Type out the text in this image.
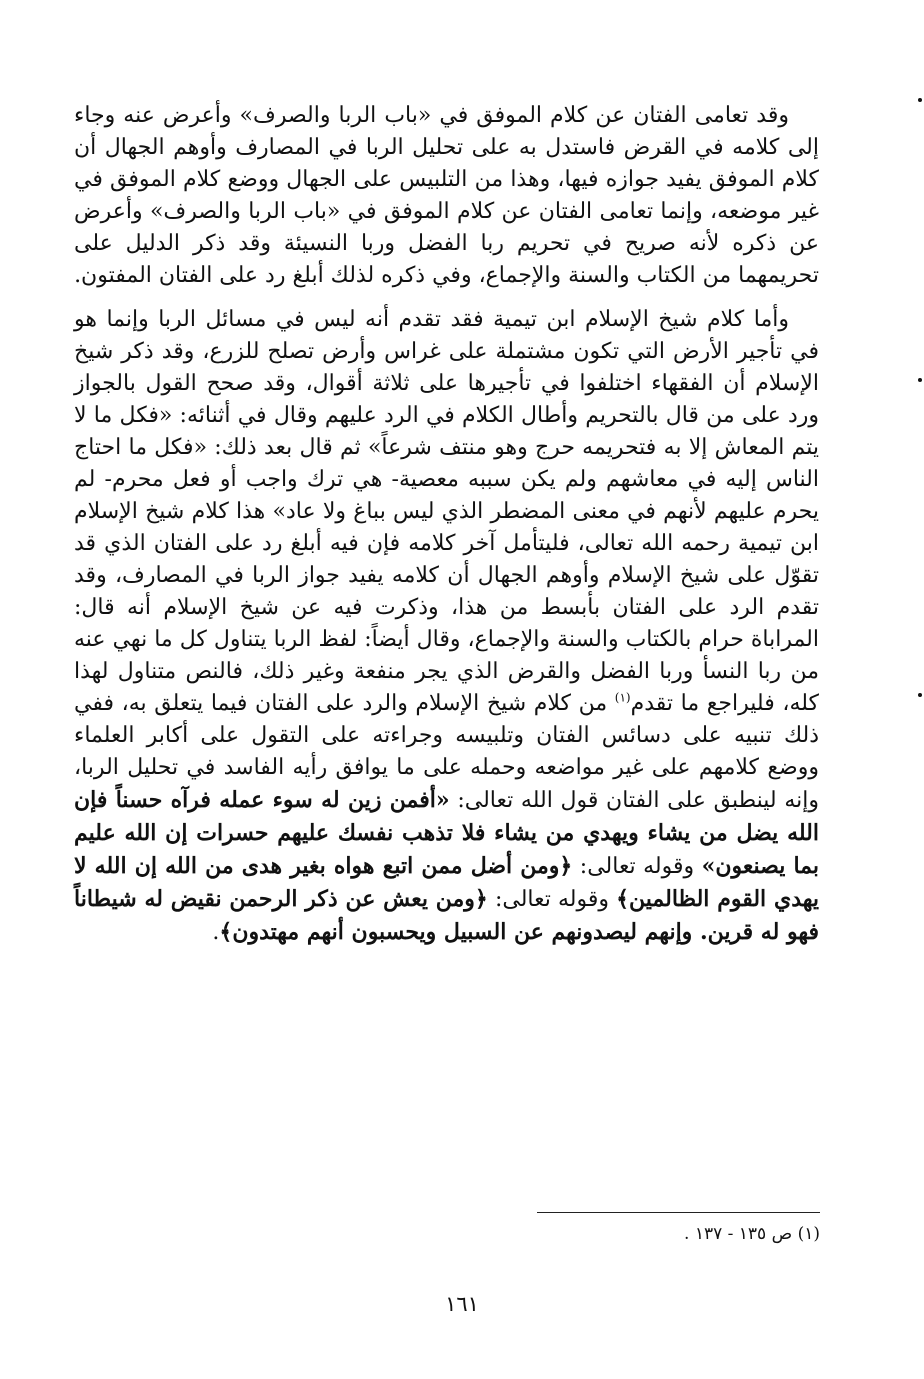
وقد تعامى الفتان عن كلام الموفق في «باب الربا والصرف» وأعرض عنه وجاء إلى كلامه في القرض فاستدل به على تحليل الربا في المصارف وأوهم الجهال أن كلام الموفق يفيد جوازه فيها، وهذا من التلبيس على الجهال ووضع كلام الموفق في غير موضعه، وإنما تعامى الفتان عن كلام الموفق في «باب الربا والصرف» وأعرض عن ذكره لأنه صريح في تحريم ربا الفضل وربا النسيئة وقد ذكر الدليل على تحريمهما من الكتاب والسنة والإجماع، وفي ذكره لذلك أبلغ رد على الفتان المفتون.

وأما كلام شيخ الإسلام ابن تيمية فقد تقدم أنه ليس في مسائل الربا وإنما هو في تأجير الأرض التي تكون مشتملة على غراس وأرض تصلح للزرع، وقد ذكر شيخ الإسلام أن الفقهاء اختلفوا في تأجيرها على ثلاثة أقوال، وقد صحح القول بالجواز ورد على من قال بالتحريم وأطال الكلام في الرد عليهم وقال في أثنائه: «فكل ما لا يتم المعاش إلا به فتحريمه حرج وهو منتف شرعاً» ثم قال بعد ذلك: «فكل ما احتاج الناس إليه في معاشهم ولم يكن سببه معصية- هي ترك واجب أو فعل محرم- لم يحرم عليهم لأنهم في معنى المضطر الذي ليس بباغ ولا عاد» هذا كلام شيخ الإسلام ابن تيمية رحمه الله تعالى، فليتأمل آخر كلامه فإن فيه أبلغ رد على الفتان الذي قد تقوّل على شيخ الإسلام وأوهم الجهال أن كلامه يفيد جواز الربا في المصارف، وقد تقدم الرد على الفتان بأبسط من هذا، وذكرت فيه عن شيخ الإسلام أنه قال: المراباة حرام بالكتاب والسنة والإجماع، وقال أيضاً: لفظ الربا يتناول كل ما نهي عنه من ربا النسأ وربا الفضل والقرض الذي يجر منفعة وغير ذلك، فالنص متناول لهذا كله، فليراجع ما تقدم$^{(١)}$ من كلام شيخ الإسلام والرد على الفتان فيما يتعلق به، ففي ذلك تنبيه على دسائس الفتان وتلبيسه وجراءته على التقول على أكابر العلماء ووضع كلامهم على غير مواضعه وحمله على ما يوافق رأيه الفاسد في تحليل الربا، وإنه لينطبق على الفتان قول الله تعالى: «أفمن زين له سوء عمله فرآه حسناً فإن الله يضل من يشاء ويهدي من يشاء فلا تذهب نفسك عليهم حسرات إن الله عليم بما يصنعون» وقوله تعالى: ﴿ومن أضل ممن اتبع هواه بغير هدى من الله إن الله لا يهدي القوم الظالمين﴾ وقوله تعالى: ﴿ومن يعش عن ذكر الرحمن نقيض له شيطاناً فهو له قرين. وإنهم ليصدونهم عن السبيل ويحسبون أنهم مهتدون﴾.

(١) ص ١٣٥ - ١٣٧ .
١٦١
